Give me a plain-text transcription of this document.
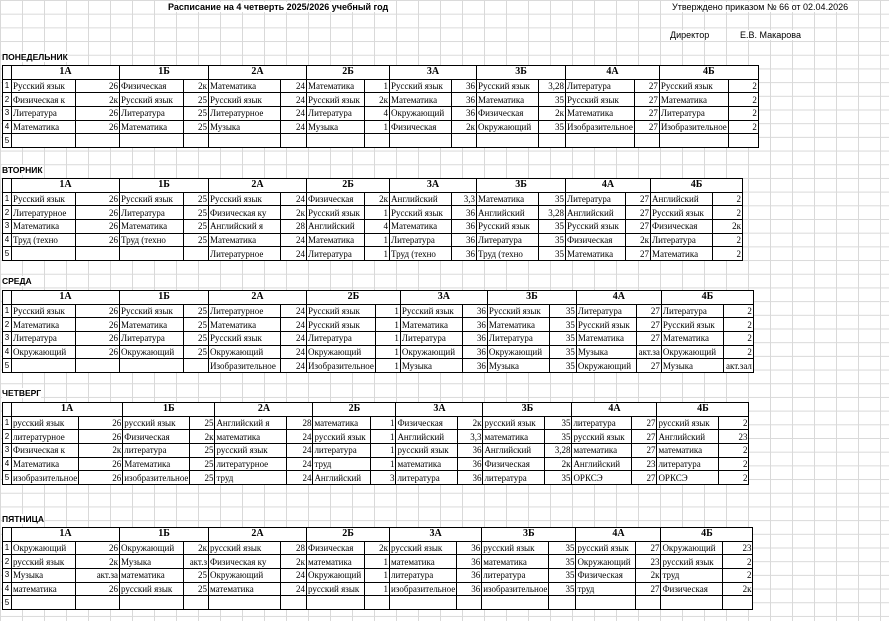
Расписание на 4 четверть 2025/2026 учебный год	Утверждено приказом № 66 от 02.04.2026
Директор	Е.В. Макарова
ПОНЕДЕЛЬНИК
	1А		1Б		2А		2Б		3А		3Б		4А		4Б	
1	Русский язык	26	Физическая	2к	Математика	24	Математика	1	Русский язык	36	Русский язык	3,28	Литература	27	Русский язык	2
2	Физическая к	2к	Русский язык	25	Русский язык	24	Русский язык	2к	Математика	36	Математика	35	Русский язык	27	Математика	2
3	Литература	26	Литература	25	Литературное	24	Литература	4	Окружающий	36	Физическая	2к	Математика	27	Литература	2
4	Математика	26	Математика	25	Музыка	24	Музыка	1	Физическая	2к	Окружающий	35	Изобразительное	27	Изобразительное	2
5																
ВТОРНИК
	1А		1Б		2А		2Б		3А		3Б		4А		4Б	
1	Русский язык	26	Русский язык	25	Русский язык	24	Физическая	2к	Английский	3,3	Математика	35	Литература	27	Английский	2
2	Литературное	26	Литература	25	Физическая ку	2к	Русский язык	1	Русский язык	36	Английский	3,28	Английский	27	Русский язык	2
3	Математика	26	Математика	25	Английский я	28	Английский	4	Математика	36	Русский язык	35	Русский язык	27	Физическая	2к
4	Труд (техно	26	Труд (техно	25	Математика	24	Математика	1	Литература	36	Литература	35	Физическая	2к	Литература	2
5					Литературное	24	Литература	1	Труд (техно	36	Труд (техно	35	Математика	27	Математика	2
СРЕДА
	1А		1Б		2А		2Б		3А		3Б		4А		4Б	
1	Русский язык	26	Русский язык	25	Литературное	24	Русский язык	1	Русский язык	36	Русский язык	35	Литература	27	Литература	2
2	Математика	26	Математика	25	Математика	24	Русский язык	1	Математика	36	Математика	35	Русский язык	27	Русский язык	2
3	Литература	26	Литература	25	Русский язык	24	Литература	1	Литература	36	Литература	35	Математика	27	Математика	2
4	Окружающий	26	Окружающий	25	Окружающий	24	Окружающий	1	Окружающий	36	Окружающий	35	Музыка	акт.за	Окружающий	2
5					Изобразительное	24	Изобразительное	1	Музыка	36	Музыка	35	Окружающий	27	Музыка	акт.зал
ЧЕТВЕРГ
	1А		1Б		2А		2Б		3А		3Б		4А		4Б	
1	русский язык	26	русский язык	25	Английский я	28	математика	1	Физическая	2к	русский язык	35	литература	27	русский язык	2
2	литературное	26	Физическая	2к	математика	24	русский язык	1	Английский	3,3	математика	35	русский язык	27	Английский	23
3	Физическая к	2к	литература	25	русский язык	24	литература	1	русский язык	36	Английский	3,28	математика	27	математика	2
4	Математика	26	Математика	25	литературное	24	труд	1	математика	36	Физическая	2к	Английский	23	литература	2
5	изобразительное	26	изобразительное	25	труд	24	Английский	3	литература	36	литература	35	ОРКСЭ	27	ОРКСЭ	2
ПЯТНИЦА
	1А		1Б		2А		2Б		3А		3Б		4А		4Б	
1	Окружающий	26	Окружающий	2к	русский язык	28	Физическая	2к	русский язык	36	русский язык	35	русский язык	27	Окружающий	23
2	русский язык	2к	Музыка	акт.з	Физическая ку	2к	математика	1	математика	36	математика	35	Окружающий	23	русский язык	2
3	Музыка	акт.за	математика	25	Окружающий	24	Окружающий	1	литература	36	литература	35	Физическая	2к	труд	2
4	математика	26	русский язык	25	математика	24	русский язык	1	изобразительное	36	изобразительное	35	труд	27	Физическая	2к
5																
